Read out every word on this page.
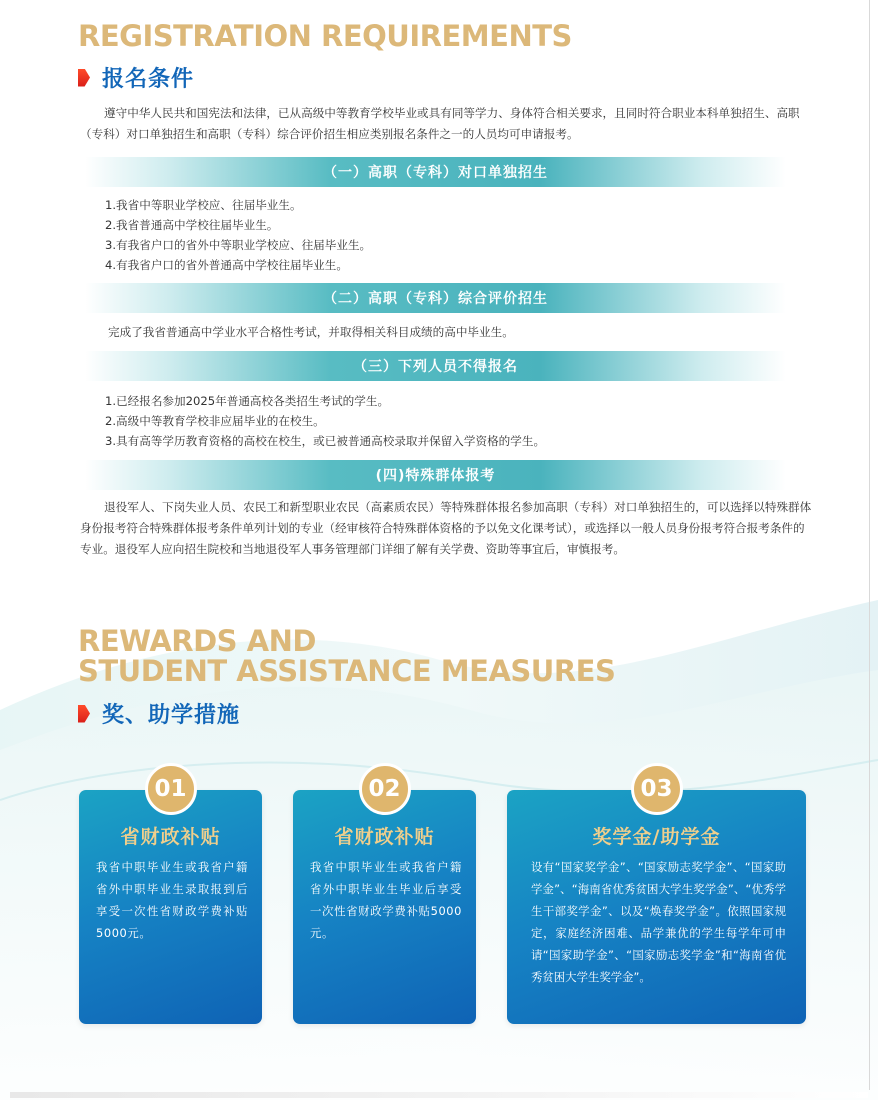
REGISTRATION REQUIREMENTS
报名条件

遵守中华人民共和国宪法和法律，已从高级中等教育学校毕业或具有同等学力、身体符合相关要求，且同时符合职业本科单独招生、高职（专科）对口单独招生和高职（专科）综合评价招生相应类别报名条件之一的人员均可申请报考。

（一）高职（专科）对口单独招生
1.我省中等职业学校应、往届毕业生。
2.我省普通高中学校往届毕业生。
3.有我省户口的省外中等职业学校应、往届毕业生。
4.有我省户口的省外普通高中学校往届毕业生。
（二）高职（专科）综合评价招生

完成了我省普通高中学业水平合格性考试，并取得相关科目成绩的高中毕业生。

（三）下列人员不得报名
1.已经报名参加2025年普通高校各类招生考试的学生。
2.高级中等教育学校非应届毕业的在校生。
3.具有高等学历教育资格的高校在校生，或已被普通高校录取并保留入学资格的学生。
(四)特殊群体报考

退役军人、下岗失业人员、农民工和新型职业农民（高素质农民）等特殊群体报名参加高职（专科）对口单独招生的，可以选择以特殊群体身份报考符合特殊群体报考条件单列计划的专业（经审核符合特殊群体资格的予以免文化课考试），或选择以一般人员身份报考符合报考条件的专业。退役军人应向招生院校和当地退役军人事务管理部门详细了解有关学费、资助等事宜后，审慎报考。

REWARDS AND
STUDENT ASSISTANCE MEASURES
奖、助学措施
01
省财政补贴
我省中职毕业生或我省户籍省外中职毕业生录取报到后享受一次性省财政学费补贴5000元。
02
省财政补贴
我省中职毕业生或我省户籍省外中职毕业生毕业后享受一次性省财政学费补贴5000元。
03
奖学金/助学金
设有“国家奖学金”、“国家励志奖学金”、“国家助学金”、“海南省优秀贫困大学生奖学金”、“优秀学生干部奖学金”、以及“焕春奖学金”。依照国家规定，家庭经济困难、品学兼优的学生每学年可申请“国家助学金”、“国家励志奖学金”和“海南省优秀贫困大学生奖学金”。
